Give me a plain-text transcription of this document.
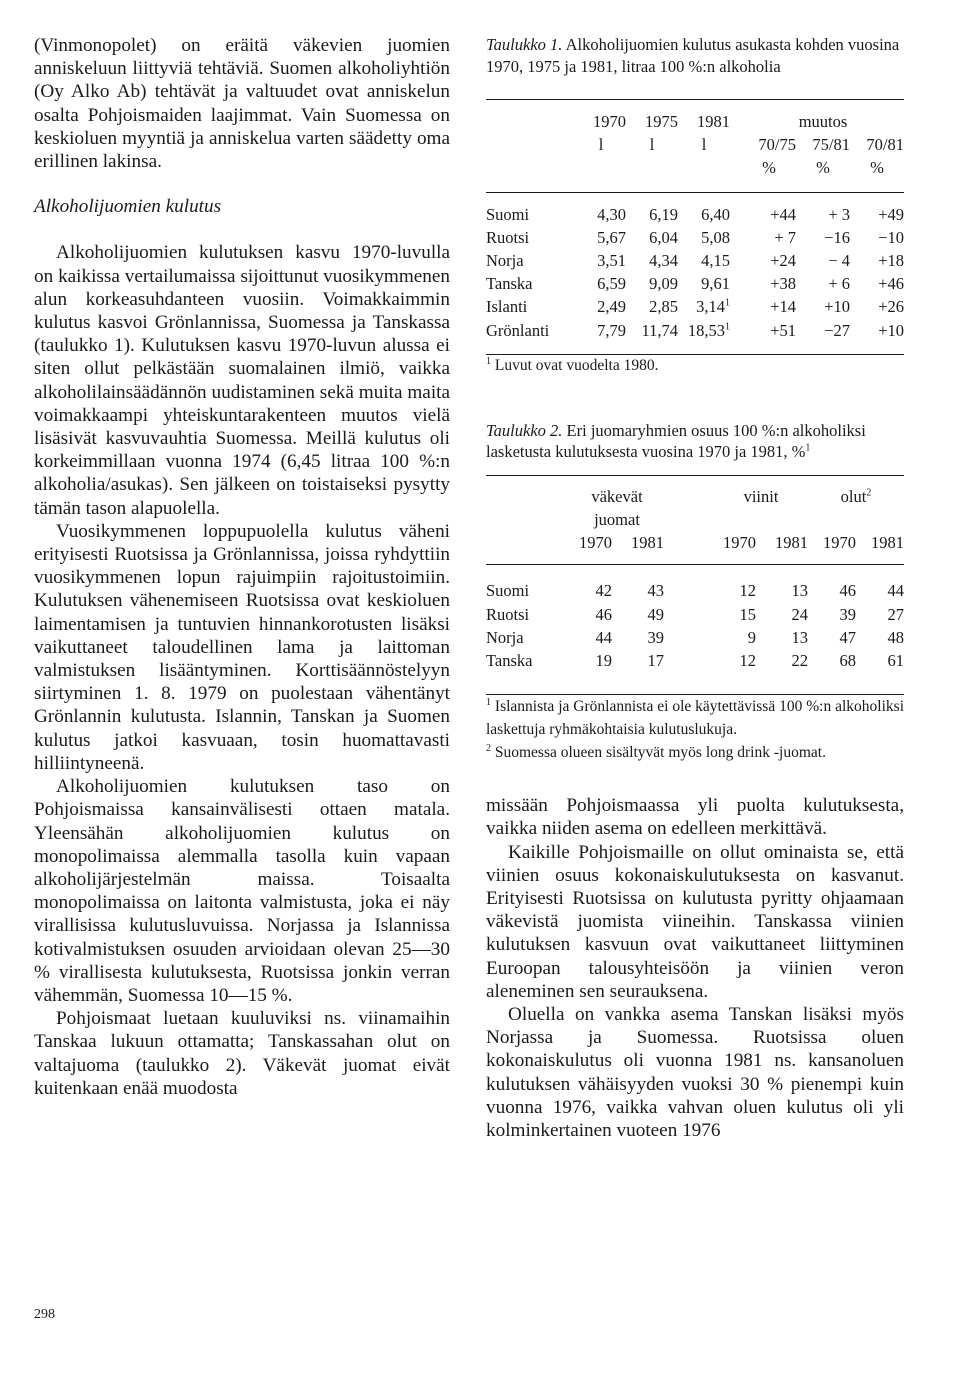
(Vinmonopolet) on eräitä väkevien juomien anniskeluun liittyviä tehtäviä. Suomen alkoholiyhtiön (Oy Alko Ab) tehtävät ja valtuudet ovat anniskelun osalta Pohjoismaiden laajimmat. Vain Suomessa on keskioluen myyntiä ja anniskelua varten säädetty oma erillinen lakinsa.

Alkoholijuomien kulutus

Alkoholijuomien kulutuksen kasvu 1970-luvulla on kaikissa vertailumaissa sijoittunut vuosikymmenen alun korkeasuhdanteen vuosiin. Voimakkaimmin kulutus kasvoi Grönlannissa, Suomessa ja Tanskassa (taulukko 1). Kulutuksen kasvu 1970-luvun alussa ei siten ollut pelkästään suomalainen ilmiö, vaikka alkoholilainsäädännön uudistaminen sekä muita maita voimakkaampi yhteiskuntarakenteen muutos vielä lisäsivät kasvuvauhtia Suomessa. Meillä kulutus oli korkeimmillaan vuonna 1974 (6,45 litraa 100 %:n alkoholia/asukas). Sen jälkeen on toistaiseksi pysytty tämän tason alapuolella.

Vuosikymmenen loppupuolella kulutus väheni erityisesti Ruotsissa ja Grönlannissa, joissa ryhdyttiin vuosikymmenen lopun rajuimpiin rajoitustoimiin. Kulutuksen vähenemiseen Ruotsissa ovat keskioluen laimentamisen ja tuntuvien hinnankorotusten lisäksi vaikuttaneet taloudellinen lama ja laittoman valmistuksen lisääntyminen. Korttisäännöstelyyn siirtyminen 1. 8. 1979 on puolestaan vähentänyt Grönlannin kulutusta. Islannin, Tanskan ja Suomen kulutus jatkoi kasvuaan, tosin huomattavasti hilliintyneenä.

Alkoholijuomien kulutuksen taso on Pohjoismaissa kansainvälisesti ottaen matala. Yleensähän alkoholijuomien kulutus on monopolimaissa alemmalla tasolla kuin vapaan alkoholijärjestelmän maissa. Toisaalta monopolimaissa on laitonta valmistusta, joka ei näy virallisissa kulutusluvuissa. Norjassa ja Islannissa kotivalmistuksen osuuden arvioidaan olevan 25—30 % virallisesta kulutuksesta, Ruotsissa jonkin verran vähemmän, Suomessa 10—15 %.

Pohjoismaat luetaan kuuluviksi ns. viinamaihin Tanskaa lukuun ottamatta; Tanskassahan olut on valtajuoma (taulukko 2). Väkevät juomat eivät kuitenkaan enää muodosta

298

Taulukko 1. Alkoholijuomien kulutus asukasta kohden vuosina 1970, 1975 ja 1981, litraa 100 %:n alkoholia

	1970	1975	1981		muutos		
	l	l	l		70/75	75/81	70/81
					%	%	%
Suomi	4,30	6,19	6,40		+44	+ 3	+49
Ruotsi	5,67	6,04	5,08		+ 7	−16	−10
Norja	3,51	4,34	4,15		+24	− 4	+18
Tanska	6,59	9,09	9,61		+38	+ 6	+46
Islanti	2,49	2,85	3,14$^1$		+14	+10	+26
Grönlanti	7,79	11,74	18,53$^1$		+51	−27	+10

$^1$ Luvut ovat vuodelta 1980.

Taulukko 2. Eri juomaryhmien osuus 100 %:n alkoholiksi lasketusta kulutuksesta vuosina 1970 ja 1981, %$^1$

	väkevät			viinit		olut$^2$
	juomat						
	1970	1981		1970	1981	1970	1981
Suomi	42	43		12	13	46	44
Ruotsi	46	49		15	24	39	27
Norja	44	39		9	13	47	48
Tanska	19	17		12	22	68	61

$^1$ Islannista ja Grönlannista ei ole käytettävissä 100 %:n alkoholiksi laskettuja ryhmäkohtaisia kulutuslukuja.

$^2$ Suomessa olueen sisältyvät myös long drink -juomat.

missään Pohjoismaassa yli puolta kulutuksesta, vaikka niiden asema on edelleen merkittävä.

Kaikille Pohjoismaille on ollut ominaista se, että viinien osuus kokonaiskulutuksesta on kasvanut. Erityisesti Ruotsissa on kulutusta pyritty ohjaamaan väkevistä juomista viineihin. Tanskassa viinien kulutuksen kasvuun ovat vaikuttaneet liittyminen Euroopan talousyhteisöön ja viinien veron aleneminen sen seurauksena.

Oluella on vankka asema Tanskan lisäksi myös Norjassa ja Suomessa. Ruotsissa oluen kokonaiskulutus oli vuonna 1981 ns. kansanoluen kulutuksen vähäisyyden vuoksi 30 % pienempi kuin vuonna 1976, vaikka vahvan oluen kulutus oli yli kolminkertainen vuoteen 1976
